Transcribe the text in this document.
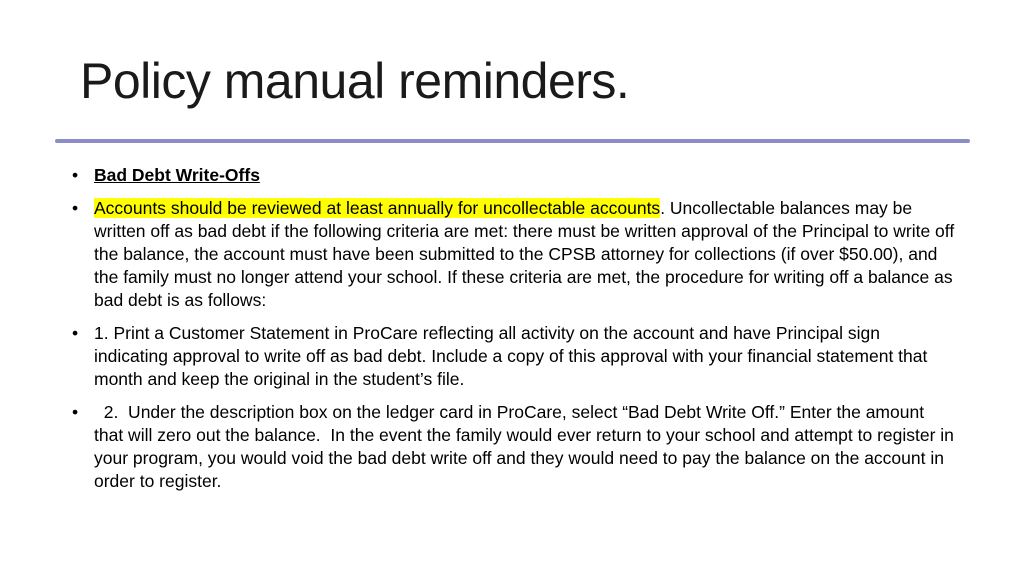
Policy manual reminders.
• Bad Debt Write-Offs
• Accounts should be reviewed at least annually for uncollectable accounts. Uncollectable balances may be written off as bad debt if the following criteria are met: there must be written approval of the Principal to write off the balance, the account must have been submitted to the CPSB attorney for collections (if over $50.00), and the family must no longer attend your school. If these criteria are met, the procedure for writing off a balance as bad debt is as follows:
• 1. Print a Customer Statement in ProCare reflecting all activity on the account and have Principal sign indicating approval to write off as bad debt. Include a copy of this approval with your financial statement that month and keep the original in the student’s file.
• 2.  Under the description box on the ledger card in ProCare, select “Bad Debt Write Off.” Enter the amount that will zero out the balance.  In the event the family would ever return to your school and attempt to register in your program, you would void the bad debt write off and they would need to pay the balance on the account in order to register.
